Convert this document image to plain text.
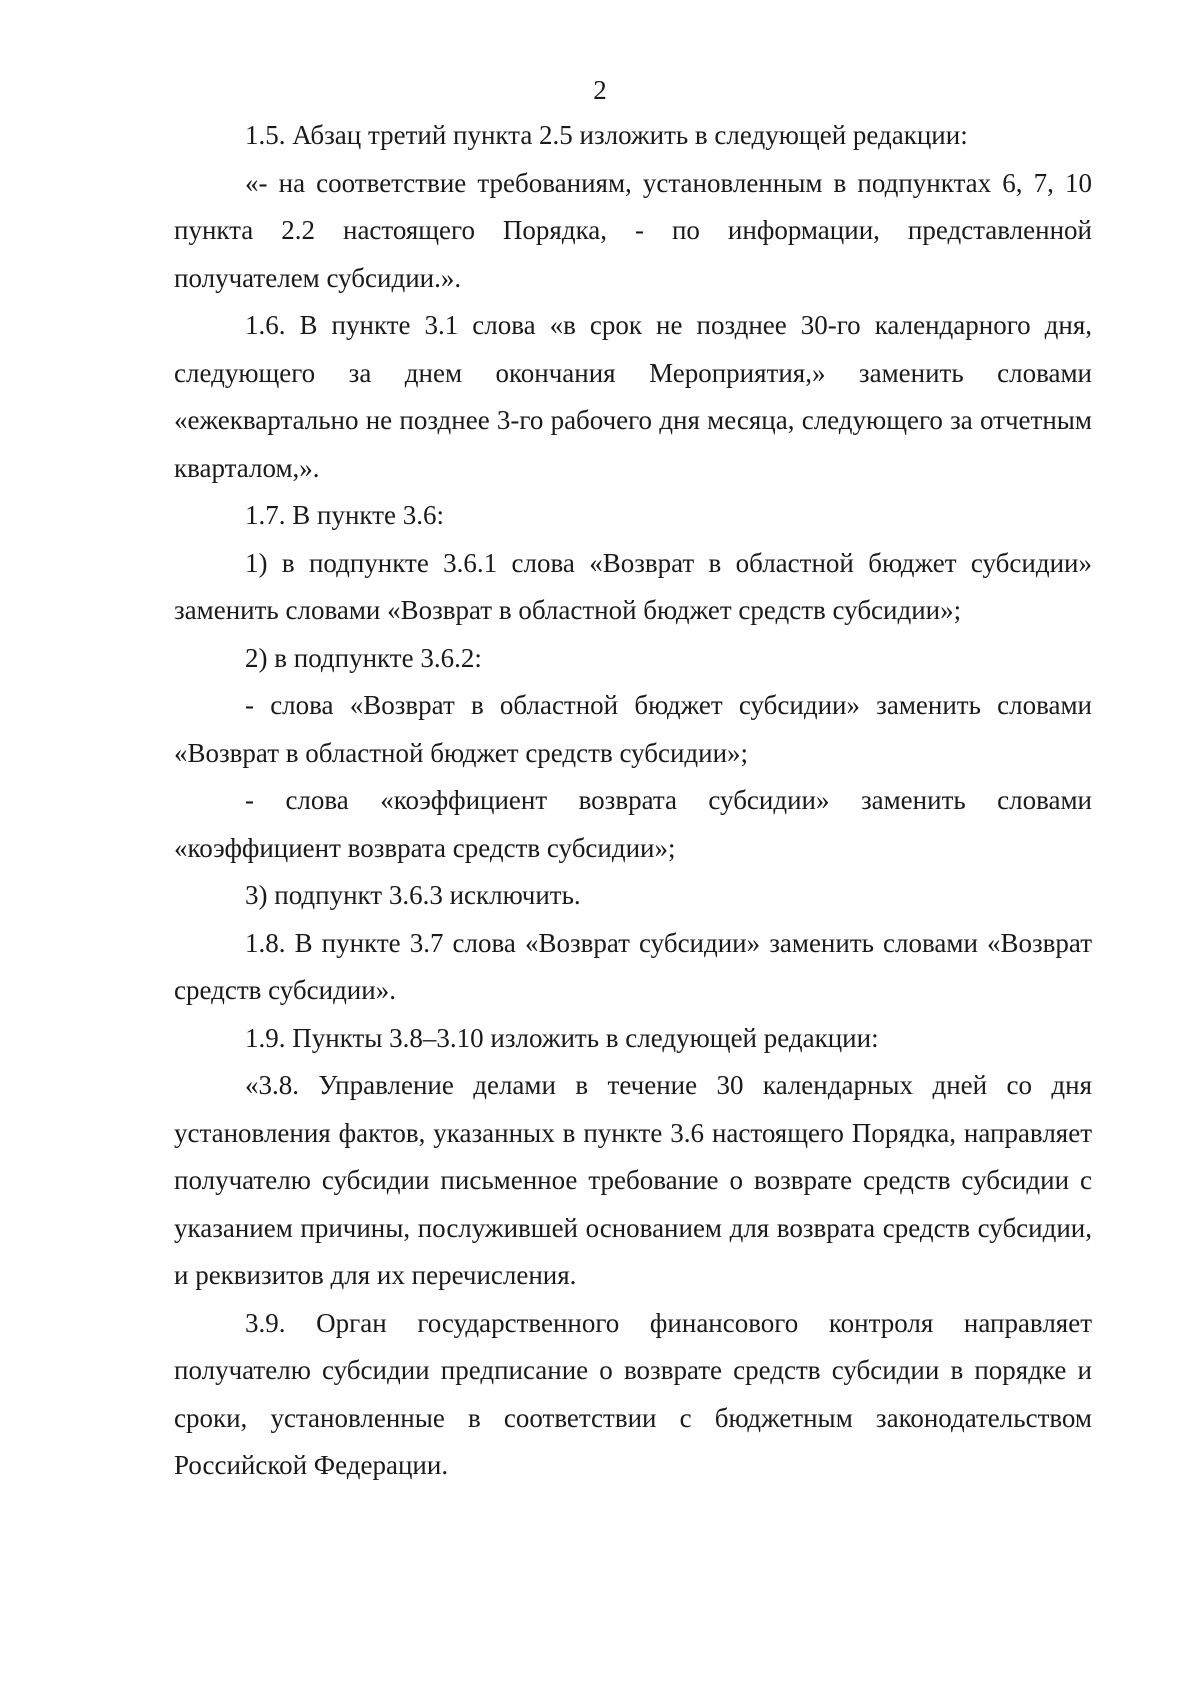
2

1.5. Абзац третий пункта 2.5 изложить в следующей редакции:

«- на соответствие требованиям, установленным в подпунктах 6, 7, 10 пункта 2.2 настоящего Порядка, - по информации, представленной получателем субсидии.».

1.6. В пункте 3.1 слова «в срок не позднее 30-го календарного дня, следующего за днем окончания Мероприятия,» заменить словами «ежеквартально не позднее 3-го рабочего дня месяца, следующего за отчетным кварталом,».

1.7. В пункте 3.6:

1) в подпункте 3.6.1 слова «Возврат в областной бюджет субсидии» заменить словами «Возврат в областной бюджет средств субсидии»;

2) в подпункте 3.6.2:

- слова «Возврат в областной бюджет субсидии» заменить словами «Возврат в областной бюджет средств субсидии»;

- слова «коэффициент возврата субсидии» заменить словами «коэффициент возврата средств субсидии»;

3) подпункт 3.6.3 исключить.

1.8. В пункте 3.7 слова «Возврат субсидии» заменить словами «Возврат средств субсидии».

1.9. Пункты 3.8–3.10 изложить в следующей редакции:

«3.8. Управление делами в течение 30 календарных дней со дня установления фактов, указанных в пункте 3.6 настоящего Порядка, направляет получателю субсидии письменное требование о возврате средств субсидии с указанием причины, послужившей основанием для возврата средств субсидии, и реквизитов для их перечисления.

3.9. Орган государственного финансового контроля направляет получателю субсидии предписание о возврате средств субсидии в порядке и сроки, установленные в соответствии с бюджетным законодательством Российской Федерации.
